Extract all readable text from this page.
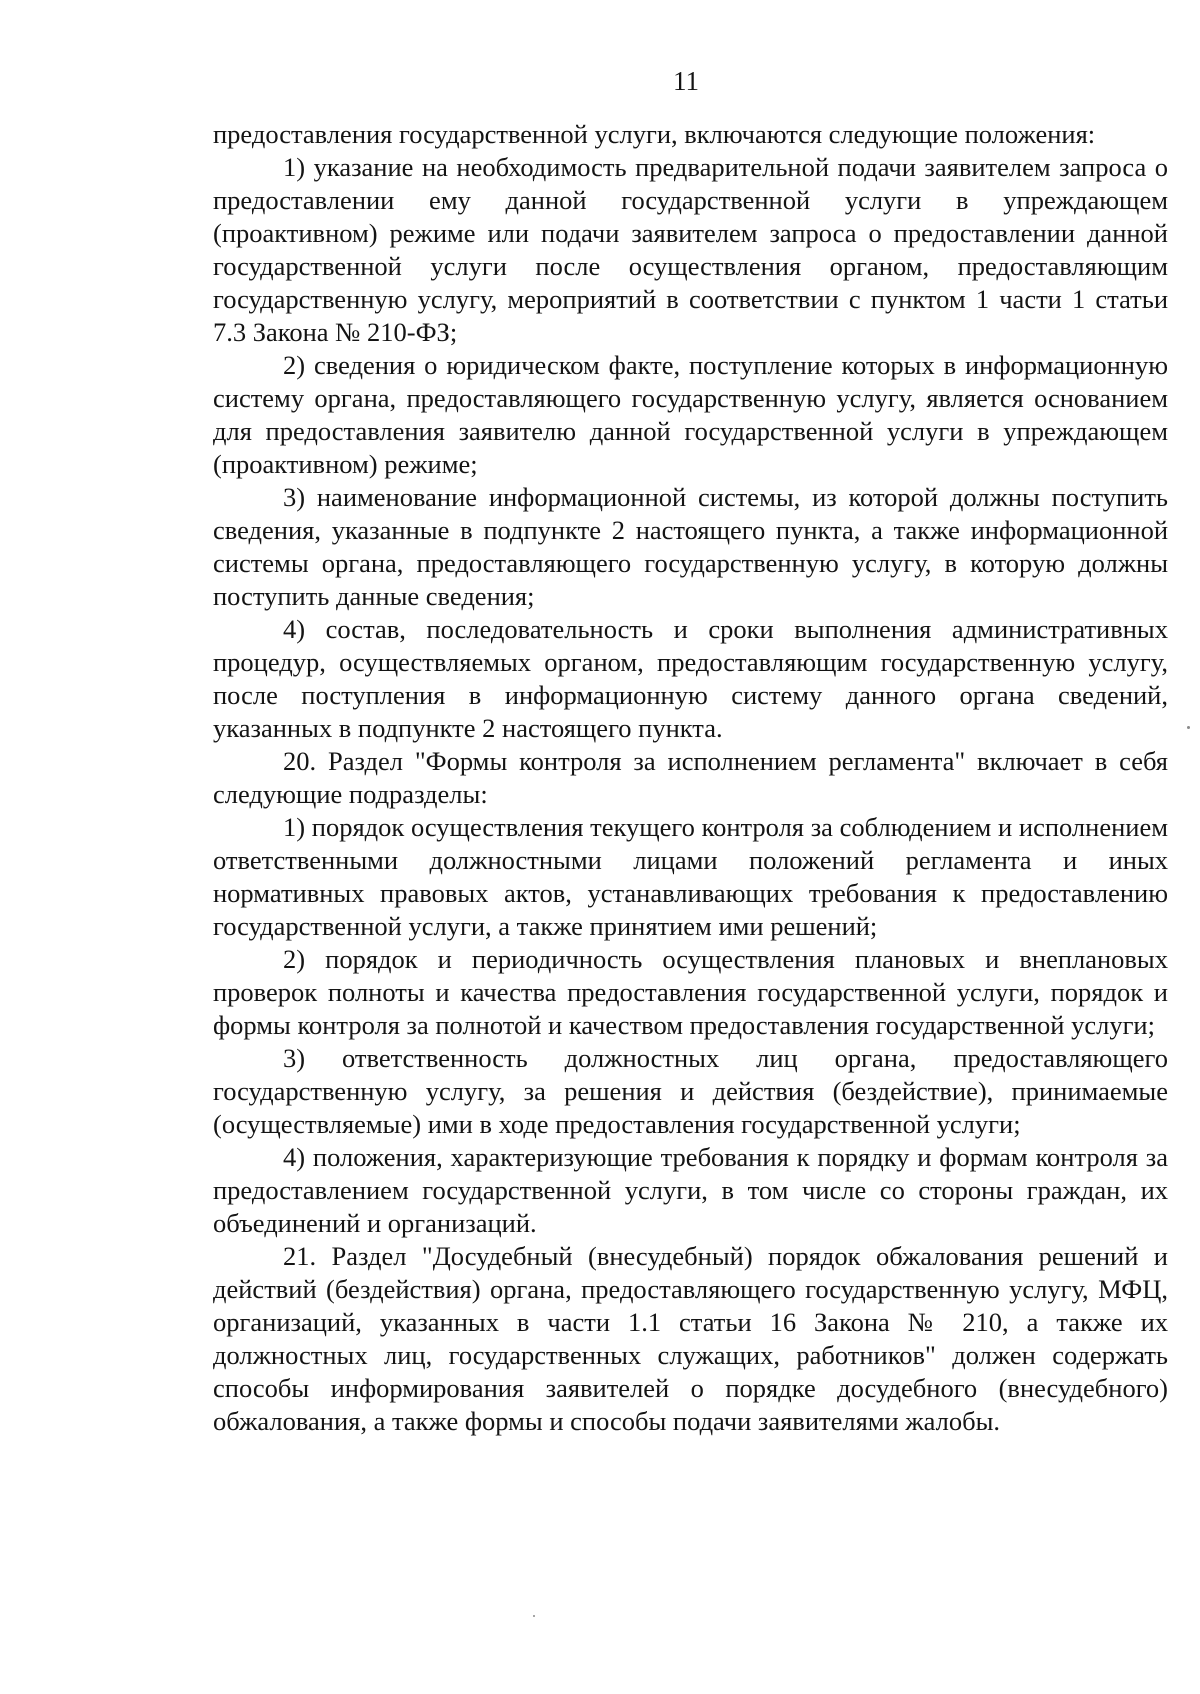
11

предоставления государственной услуги, включаются следующие положения:

1) указание на необходимость предварительной подачи заявителем запроса о предоставлении ему данной государственной услуги в упреждающем (проактивном) режиме или подачи заявителем запроса о предоставлении данной государственной услуги после осуществления органом, предоставляющим государственную услугу, мероприятий в соответствии с пунктом 1 части 1 статьи 7.3 Закона № 210-ФЗ;

2) сведения о юридическом факте, поступление которых в информационную систему органа, предоставляющего государственную услугу, является основанием для предоставления заявителю данной государственной услуги в упреждающем (проактивном) режиме;

3) наименование информационной системы, из которой должны поступить сведения, указанные в подпункте 2 настоящего пункта, а также информационной системы органа, предоставляющего государственную услугу, в которую должны поступить данные сведения;

4) состав, последовательность и сроки выполнения административных процедур, осуществляемых органом, предоставляющим государственную услугу, после поступления в информационную систему данного органа сведений, указанных в подпункте 2 настоящего пункта.

20. Раздел "Формы контроля за исполнением регламента" включает в себя следующие подразделы:

1) порядок осуществления текущего контроля за соблюдением и исполнением ответственными должностными лицами положений регламента и иных нормативных правовых актов, устанавливающих требования к предоставлению государственной услуги, а также принятием ими решений;

2) порядок и периодичность осуществления плановых и внеплановых проверок полноты и качества предоставления государственной услуги, порядок и формы контроля за полнотой и качеством предоставления государственной услуги;

3) ответственность должностных лиц органа, предоставляющего государственную услугу, за решения и действия (бездействие), принимаемые (осуществляемые) ими в ходе предоставления государственной услуги;

4) положения, характеризующие требования к порядку и формам контроля за предоставлением государственной услуги, в том числе со стороны граждан, их объединений и организаций.

21. Раздел "Досудебный (внесудебный) порядок обжалования решений и действий (бездействия) органа, предоставляющего государственную услугу, МФЦ, организаций, указанных в части 1.1 статьи 16 Закона № 210, а также их должностных лиц, государственных служащих, работников" должен содержать способы информирования заявителей о порядке досудебного (внесудебного) обжалования, а также формы и способы подачи заявителями жалобы.
